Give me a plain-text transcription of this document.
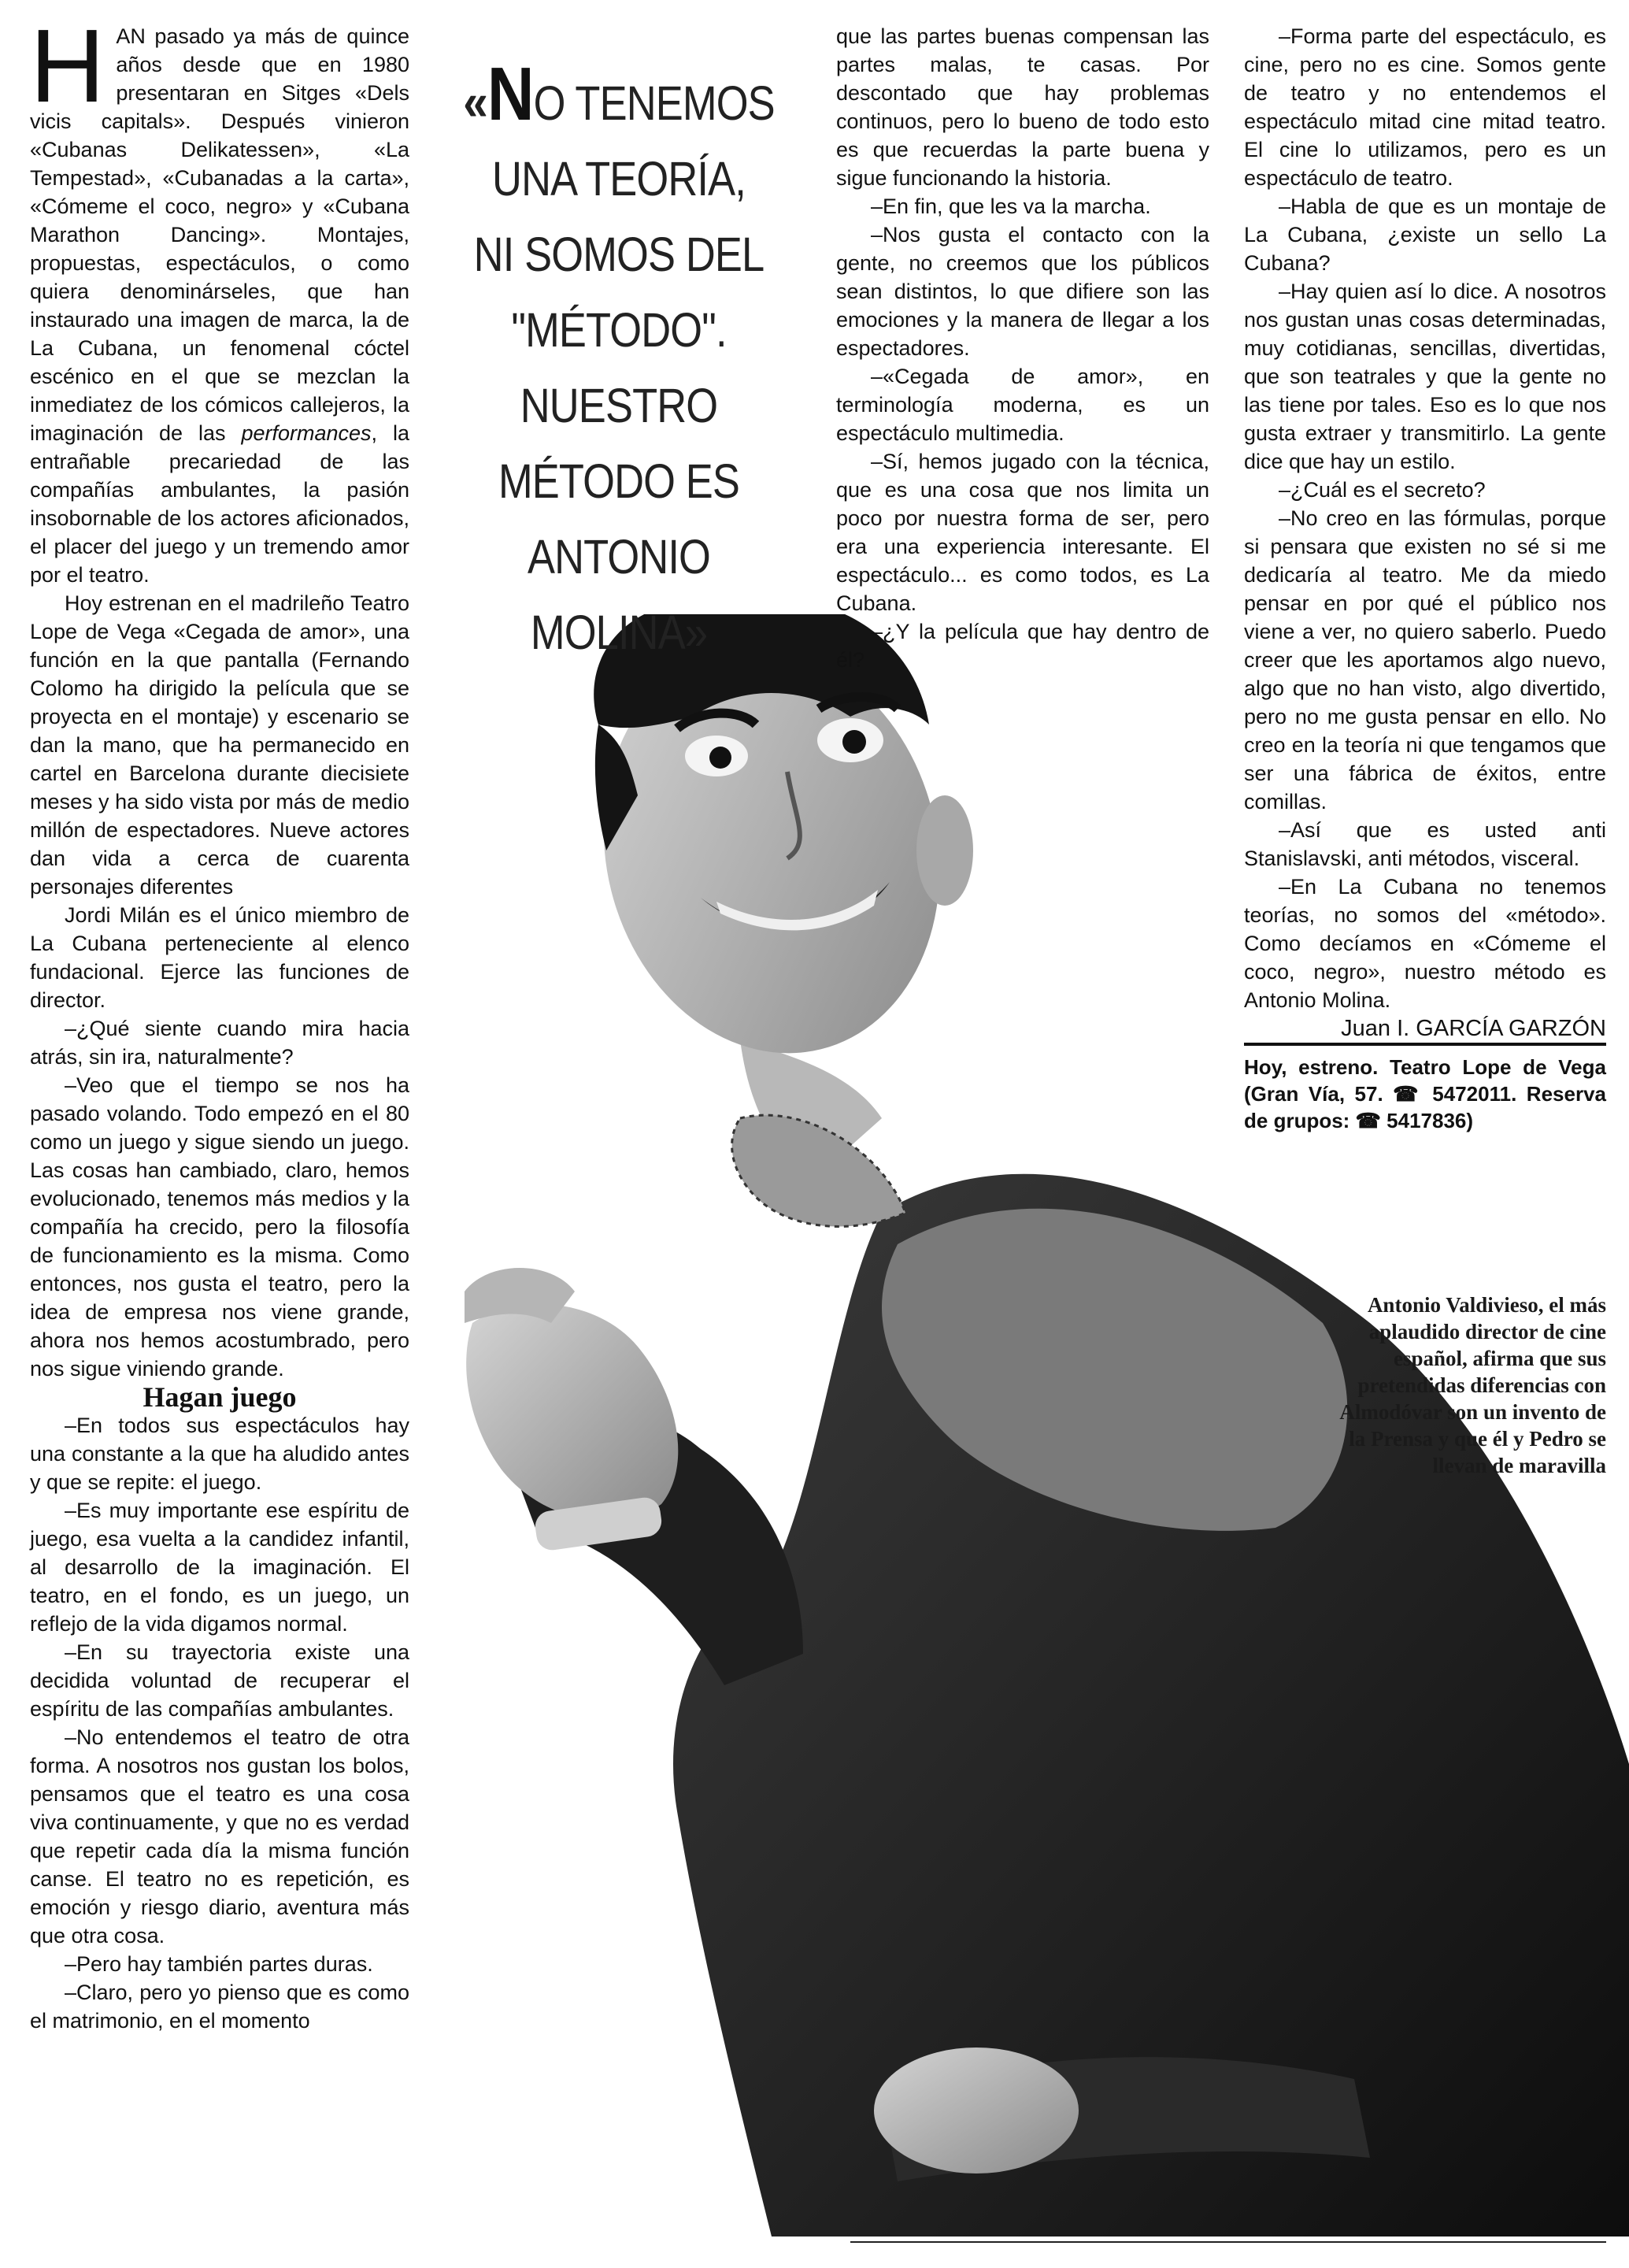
HAN pasado ya más de quince años desde que en 1980 presentaran en Sitges «Dels vicis capitals». Después vinieron «Cubanas Delikatessen», «La Tempestad», «Cubanadas a la carta», «Cómeme el coco, negro» y «Cubana Marathon Dancing». Montajes, propuestas, espectáculos, o como quiera denominárseles, que han instaurado una imagen de marca, la de La Cubana, un fenomenal cóctel escénico en el que se mezclan la inmediatez de los cómicos callejeros, la imaginación de las performances, la entrañable precariedad de las compañías ambulantes, la pasión insobornable de los actores aficionados, el placer del juego y un tremendo amor por el teatro.

Hoy estrenan en el madrileño Teatro Lope de Vega «Cegada de amor», una función en la que pantalla (Fernando Colomo ha dirigido la película que se proyecta en el montaje) y escenario se dan la mano, que ha permanecido en cartel en Barcelona durante diecisiete meses y ha sido vista por más de medio millón de espectadores. Nueve actores dan vida a cerca de cuarenta personajes diferentes

Jordi Milán es el único miembro de La Cubana perteneciente al elenco fundacional. Ejerce las funciones de director.

–¿Qué siente cuando mira hacia atrás, sin ira, naturalmente?

–Veo que el tiempo se nos ha pasado volando. Todo empezó en el 80 como un juego y sigue siendo un juego. Las cosas han cambiado, claro, hemos evolucionado, tenemos más medios y la compañía ha crecido, pero la filosofía de funcionamiento es la misma. Como entonces, nos gusta el teatro, pero la idea de empresa nos viene grande, ahora nos hemos acostumbrado, pero nos sigue viniendo grande.

Hagan juego

–En todos sus espectáculos hay una constante a la que ha aludido antes y que se repite: el juego.

–Es muy importante ese espíritu de juego, esa vuelta a la candidez infantil, al desarrollo de la imaginación. El teatro, en el fondo, es un juego, un reflejo de la vida digamos normal.

–En su trayectoria existe una decidida voluntad de recuperar el espíritu de las compañías ambulantes.

–No entendemos el teatro de otra forma. A nosotros nos gustan los bolos, pensamos que el teatro es una cosa viva continuamente, y que no es verdad que repetir cada día la misma función canse. El teatro no es repetición, es emoción y riesgo diario, aventura más que otra cosa.

–Pero hay también partes duras.

–Claro, pero yo pienso que es como el matrimonio, en el momento

«NO TENEMOS
UNA TEORÍA,
NI SOMOS DEL
"MÉTODO".
NUESTRO
MÉTODO ES
ANTONIO
MOLINA»

que las partes buenas compensan las partes malas, te casas. Por descontado que hay problemas continuos, pero lo bueno de todo esto es que recuerdas la parte buena y sigue funcionando la historia.

–En fin, que les va la marcha.

–Nos gusta el contacto con la gente, no creemos que los públicos sean distintos, lo que difiere son las emociones y la manera de llegar a los espectadores.

–«Cegada de amor», en terminología moderna, es un espectáculo multimedia.

–Sí, hemos jugado con la técnica, que es una cosa que nos limita un poco por nuestra forma de ser, pero era una experiencia interesante. El espectáculo... es como todos, es La Cubana.

–¿Y la película que hay dentro de él?

–Forma parte del espectáculo, es cine, pero no es cine. Somos gente de teatro y no entendemos el espectáculo mitad cine mitad teatro. El cine lo utilizamos, pero es un espectáculo de teatro.

–Habla de que es un montaje de La Cubana, ¿existe un sello La Cubana?

–Hay quien así lo dice. A nosotros nos gustan unas cosas determinadas, muy cotidianas, sencillas, divertidas, que son teatrales y que la gente no las tiene por tales. Eso es lo que nos gusta extraer y transmitirlo. La gente dice que hay un estilo.

–¿Cuál es el secreto?

–No creo en las fórmulas, porque si pensara que existen no sé si me dedicaría al teatro. Me da miedo pensar en por qué el público nos viene a ver, no quiero saberlo. Puedo creer que les aportamos algo nuevo, algo que no han visto, algo divertido, pero no me gusta pensar en ello. No creo en la teoría ni que tengamos que ser una fábrica de éxitos, entre comillas.

–Así que es usted anti Stanislavski, anti métodos, visceral.

–En La Cubana no tenemos teorías, no somos del «método». Como decíamos en «Cómeme el coco, negro», nuestro método es Antonio Molina.

Juan I. GARCÍA GARZÓN

Hoy, estreno. Teatro Lope de Vega (Gran Vía, 57. ☎ 5472011. Reserva de grupos: ☎ 5417836)

Antonio Valdivieso, el más aplaudido director de cine español, afirma que sus pretendidas diferencias con Almodóvar son un invento de la Prensa y que él y Pedro se llevan de maravilla
